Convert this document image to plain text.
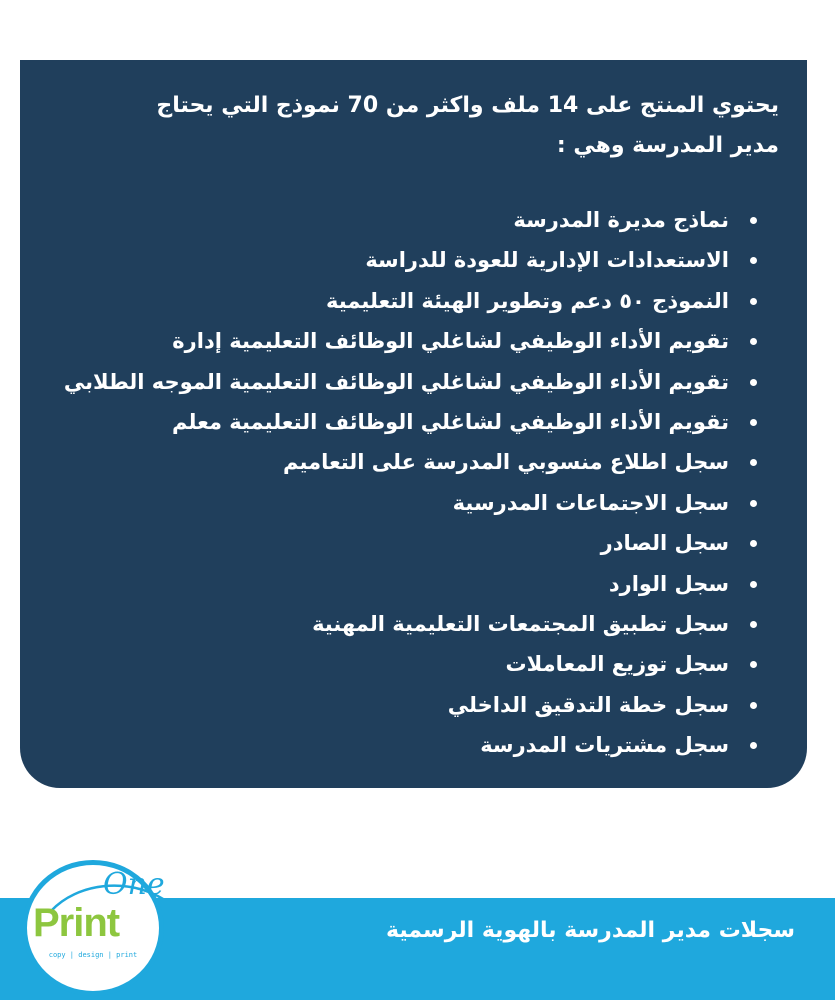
يحتوي المنتج على 14 ملف واكثر من 70 نموذج التي يحتاج مدير المدرسة وهي :

نماذج مديرة المدرسة
الاستعدادات الإدارية للعودة للدراسة
النموذج ٥٠ دعم وتطوير الهيئة التعليمية
تقويم الأداء الوظيفي لشاغلي الوظائف التعليمية إدارة
تقويم الأداء الوظيفي لشاغلي الوظائف التعليمية الموجه الطلابي
تقويم الأداء الوظيفي لشاغلي الوظائف التعليمية معلم
سجل اطلاع منسوبي المدرسة على التعاميم
سجل الاجتماعات المدرسية
سجل الصادر
سجل الوارد
سجل تطبيق المجتمعات التعليمية المهنية
سجل توزيع المعاملات
سجل خطة التدقيق الداخلي
سجل مشتريات المدرسة

سجلات مدير المدرسة بالهوية الرسمية

One
Print
copy | design | print
